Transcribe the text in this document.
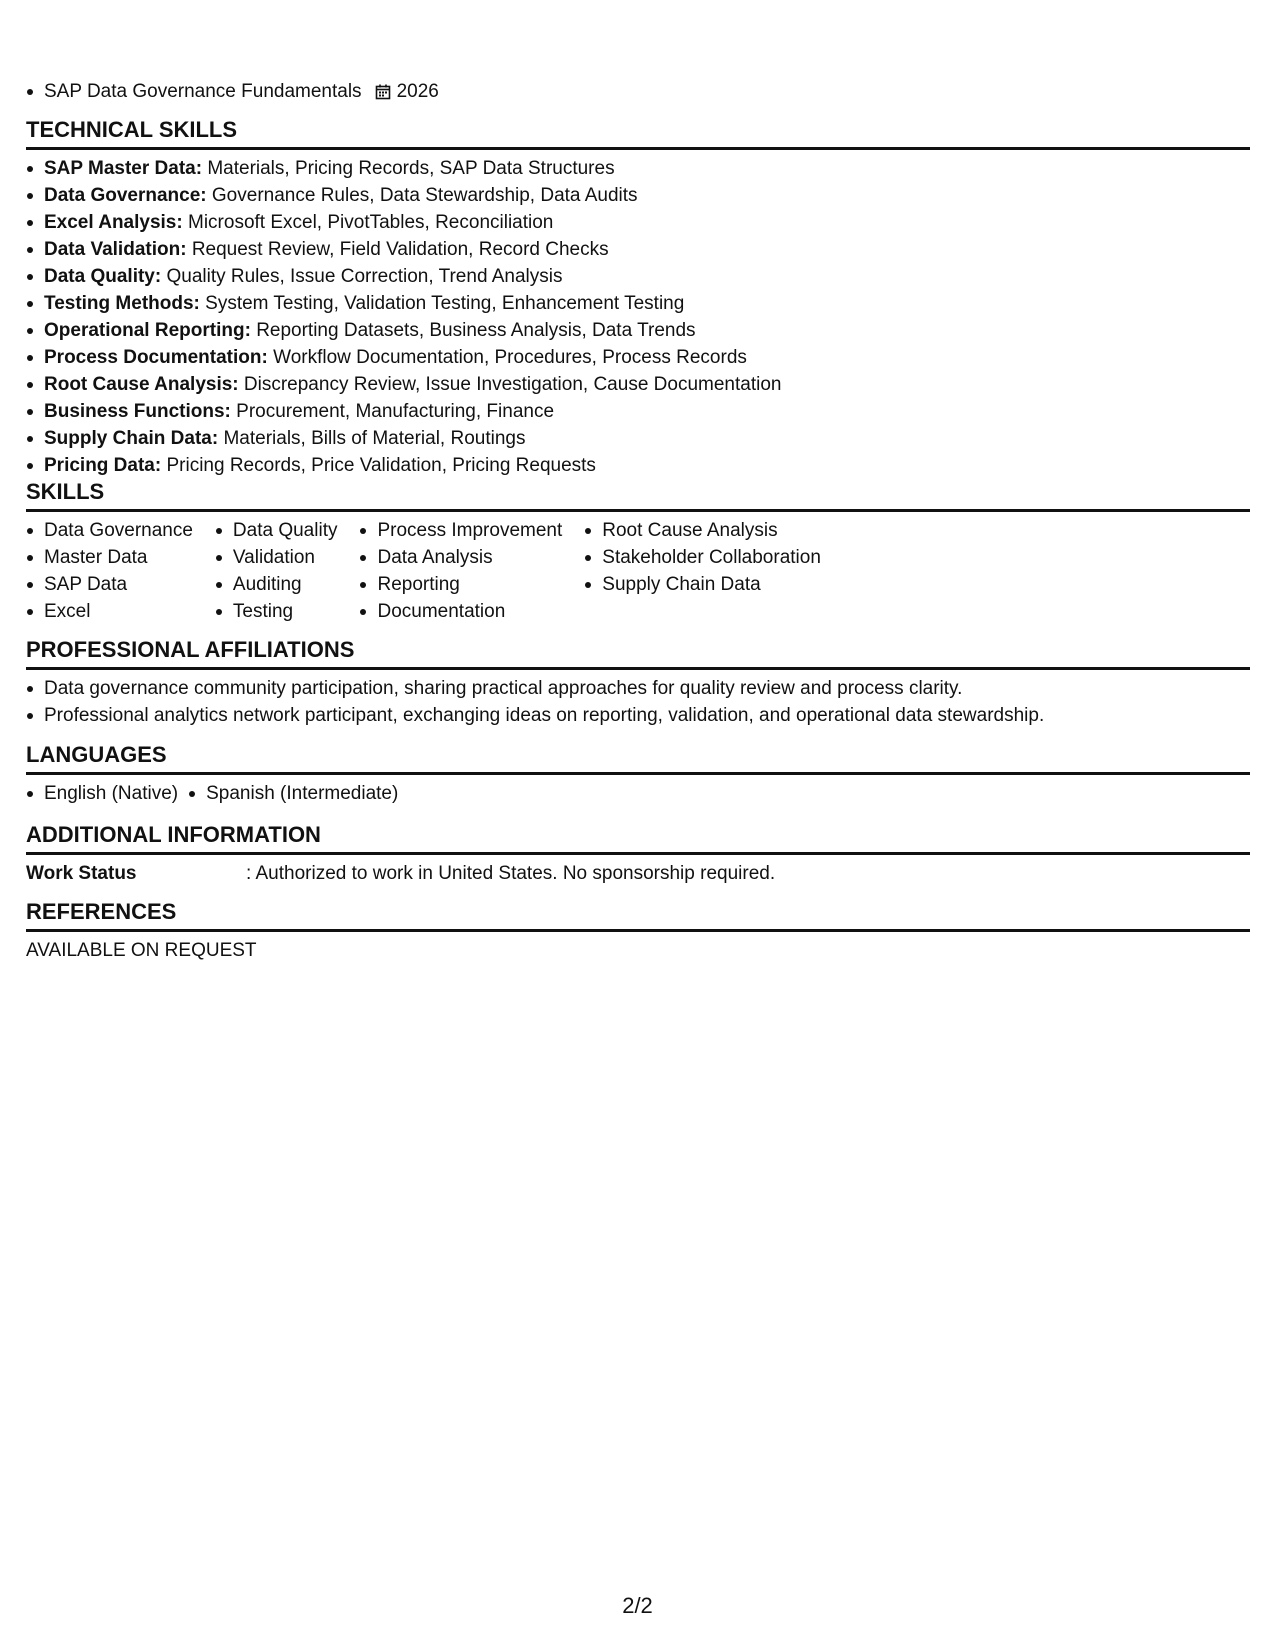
SAP Data Governance Fundamentals 2026
TECHNICAL SKILLS
SAP Master Data: Materials, Pricing Records, SAP Data Structures
Data Governance: Governance Rules, Data Stewardship, Data Audits
Excel Analysis: Microsoft Excel, PivotTables, Reconciliation
Data Validation: Request Review, Field Validation, Record Checks
Data Quality: Quality Rules, Issue Correction, Trend Analysis
Testing Methods: System Testing, Validation Testing, Enhancement Testing
Operational Reporting: Reporting Datasets, Business Analysis, Data Trends
Process Documentation: Workflow Documentation, Procedures, Process Records
Root Cause Analysis: Discrepancy Review, Issue Investigation, Cause Documentation
Business Functions: Procurement, Manufacturing, Finance
Supply Chain Data: Materials, Bills of Material, Routings
Pricing Data: Pricing Records, Price Validation, Pricing Requests
SKILLS
Data Governance
Master Data
SAP Data
Excel
Data Quality
Validation
Auditing
Testing
Process Improvement
Data Analysis
Reporting
Documentation
Root Cause Analysis
Stakeholder Collaboration
Supply Chain Data
PROFESSIONAL AFFILIATIONS
Data governance community participation, sharing practical approaches for quality review and process clarity.
Professional analytics network participant, exchanging ideas on reporting, validation, and operational data stewardship.
LANGUAGES
English (Native) Spanish (Intermediate)
ADDITIONAL INFORMATION
Work Status	: Authorized to work in United States. No sponsorship required.
REFERENCES
AVAILABLE ON REQUEST
2/2
